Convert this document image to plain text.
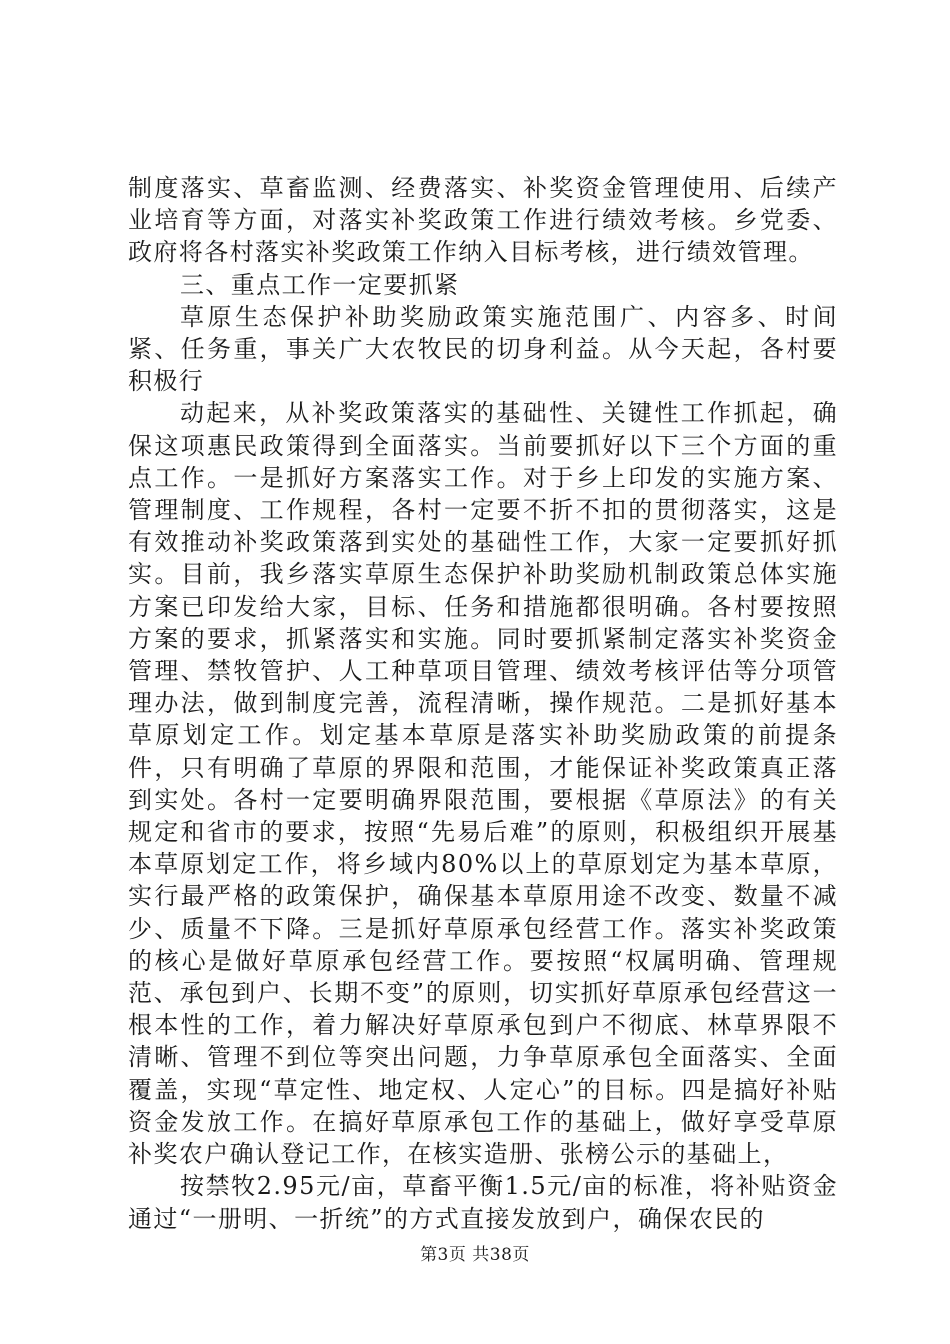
制度落实、草畜监测、经费落实、补奖资金管理使用、后续产业培育等方面，对落实补奖政策工作进行绩效考核。乡党委、政府将各村落实补奖政策工作纳入目标考核，进行绩效管理。

三、重点工作一定要抓紧

草原生态保护补助奖励政策实施范围广、内容多、时间紧、任务重，事关广大农牧民的切身利益。从今天起，各村要积极行

动起来，从补奖政策落实的基础性、关键性工作抓起，确保这项惠民政策得到全面落实。当前要抓好以下三个方面的重点工作。一是抓好方案落实工作。对于乡上印发的实施方案、管理制度、工作规程，各村一定要不折不扣的贯彻落实，这是有效推动补奖政策落到实处的基础性工作，大家一定要抓好抓实。目前，我乡落实草原生态保护补助奖励机制政策总体实施方案已印发给大家，目标、任务和措施都很明确。各村要按照方案的要求，抓紧落实和实施。同时要抓紧制定落实补奖资金管理、禁牧管护、人工种草项目管理、绩效考核评估等分项管理办法，做到制度完善，流程清晰，操作规范。二是抓好基本草原划定工作。划定基本草原是落实补助奖励政策的前提条件，只有明确了草原的界限和范围，才能保证补奖政策真正落到实处。各村一定要明确界限范围，要根据《草原法》的有关规定和省市的要求，按照“先易后难”的原则，积极组织开展基本草原划定工作，将乡域内80%以上的草原划定为基本草原，实行最严格的政策保护，确保基本草原用途不改变、数量不减少、质量不下降。三是抓好草原承包经营工作。落实补奖政策的核心是做好草原承包经营工作。要按照“权属明确、管理规范、承包到户、长期不变”的原则，切实抓好草原承包经营这一根本性的工作，着力解决好草原承包到户不彻底、林草界限不清晰、管理不到位等突出问题，力争草原承包全面落实、全面覆盖，实现“草定性、地定权、人定心”的目标。四是搞好补贴资金发放工作。在搞好草原承包工作的基础上，做好享受草原补奖农户确认登记工作，在核实造册、张榜公示的基础上，

按禁牧2.95元/亩，草畜平衡1.5元/亩的标准，将补贴资金通过“一册明、一折统”的方式直接发放到户，确保农民的

第3页 共38页
